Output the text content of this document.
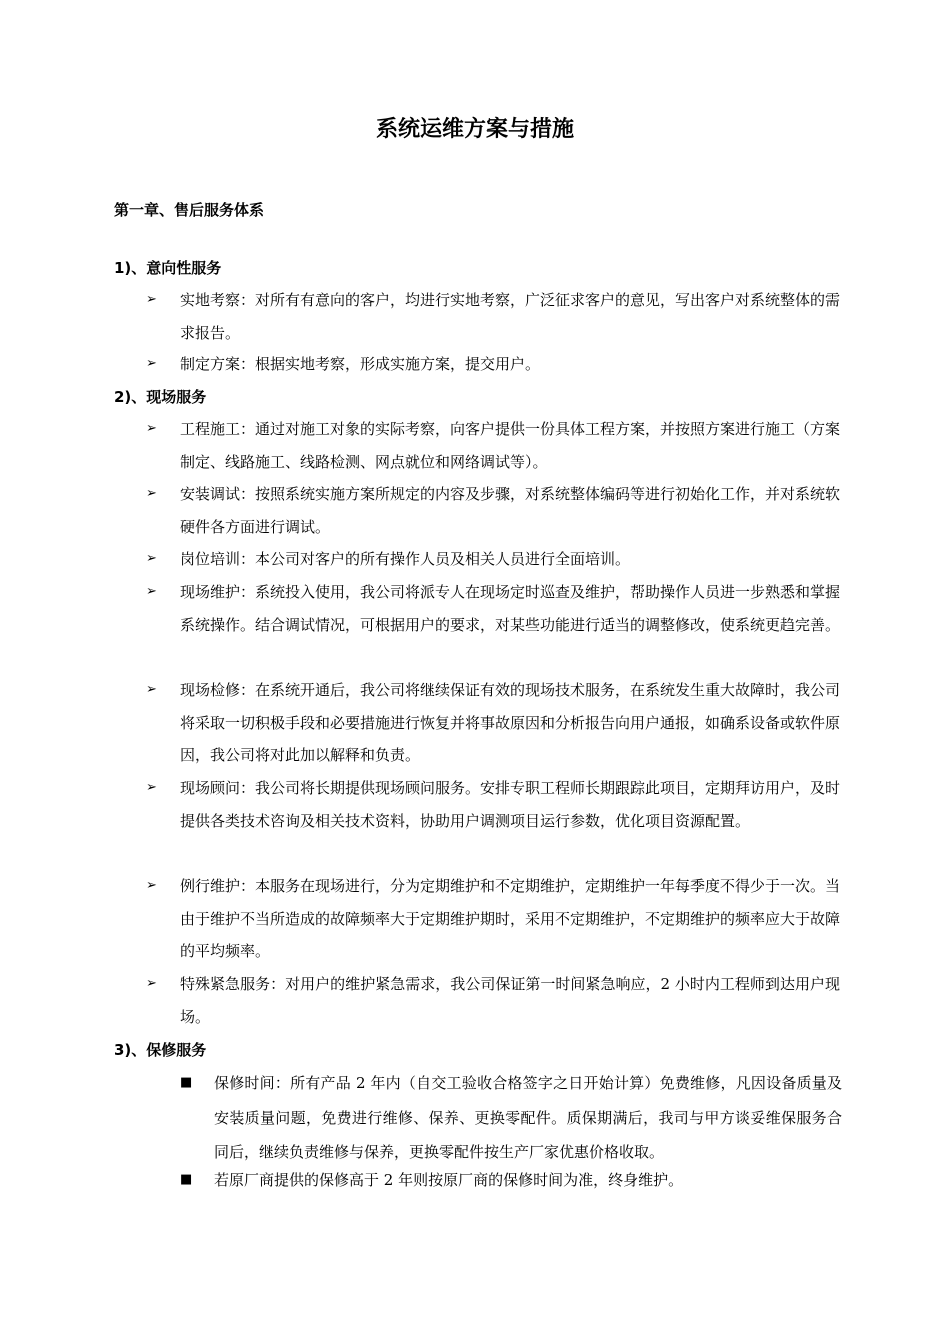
系统运维方案与措施
第一章、售后服务体系
1)、意向性服务
➢	实地考察：对所有有意向的客户，均进行实地考察，广泛征求客户的意见，写出客户对系统整体的需求报告。
➢	制定方案：根据实地考察，形成实施方案，提交用户。
2)、现场服务
➢	工程施工：通过对施工对象的实际考察，向客户提供一份具体工程方案，并按照方案进行施工（方案制定、线路施工、线路检测、网点就位和网络调试等）。
➢	安装调试：按照系统实施方案所规定的内容及步骤，对系统整体编码等进行初始化工作，并对系统软硬件各方面进行调试。
➢	岗位培训：本公司对客户的所有操作人员及相关人员进行全面培训。
➢	现场维护：系统投入使用，我公司将派专人在现场定时巡查及维护，帮助操作人员进一步熟悉和掌握系统操作。结合调试情况，可根据用户的要求，对某些功能进行适当的调整修改，使系统更趋完善。
➢	现场检修：在系统开通后，我公司将继续保证有效的现场技术服务，在系统发生重大故障时，我公司将采取一切积极手段和必要措施进行恢复并将事故原因和分析报告向用户通报，如确系设备或软件原因，我公司将对此加以解释和负责。
➢	现场顾问：我公司将长期提供现场顾问服务。安排专职工程师长期跟踪此项目，定期拜访用户，及时提供各类技术咨询及相关技术资料，协助用户调测项目运行参数，优化项目资源配置。
➢	例行维护：本服务在现场进行，分为定期维护和不定期维护，定期维护一年每季度不得少于一次。当由于维护不当所造成的故障频率大于定期维护期时，采用不定期维护，不定期维护的频率应大于故障的平均频率。
➢	特殊紧急服务：对用户的维护紧急需求，我公司保证第一时间紧急响应，2 小时内工程师到达用户现场。
3)、保修服务
■ 保修时间：所有产品 2 年内（自交工验收合格签字之日开始计算）免费维修，凡因设备质量及安装质量问题，免费进行维修、保养、更换零配件。质保期满后，我司与甲方谈妥维保服务合同后，继续负责维修与保养，更换零配件按生产厂家优惠价格收取。
■ 若原厂商提供的保修高于 2 年则按原厂商的保修时间为准，终身维护。
